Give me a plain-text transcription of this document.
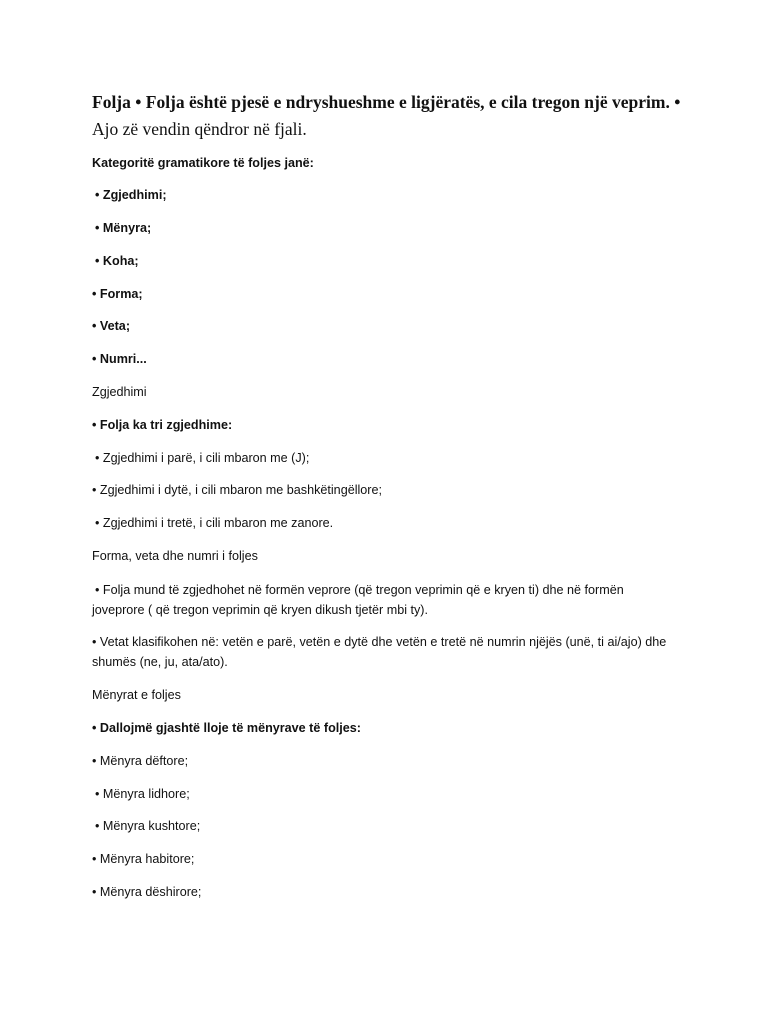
Folja • Folja është pjesë e ndryshueshme e ligjëratës, e cila tregon një veprim. •
Ajo zë vendin qëndror në fjali.
Kategoritë gramatikore të foljes janë:
• Zgjedhimi;
• Mënyra;
• Koha;
• Forma;
• Veta;
• Numri...
Zgjedhimi
• Folja ka tri zgjedhime:
• Zgjedhimi i parë, i cili mbaron me (J);
• Zgjedhimi i dytë, i cili mbaron me bashkëtingëllore;
• Zgjedhimi i tretë, i cili mbaron me zanore.
Forma, veta dhe numri i foljes
• Folja mund të zgjedhohet në formën veprore (që tregon veprimin që e kryen ti) dhe në formën
joveprore ( që tregon veprimin që kryen dikush tjetër mbi ty).
• Vetat klasifikohen në: vetën e parë, vetën e dytë dhe vetën e tretë në numrin njëjës (unë, ti ai/ajo) dhe
shumës (ne, ju, ata/ato).
Mënyrat e foljes
• Dallojmë gjashtë lloje të mënyrave të foljes:
• Mënyra dëftore;
• Mënyra lidhore;
• Mënyra kushtore;
• Mënyra habitore;
• Mënyra dëshirore;
